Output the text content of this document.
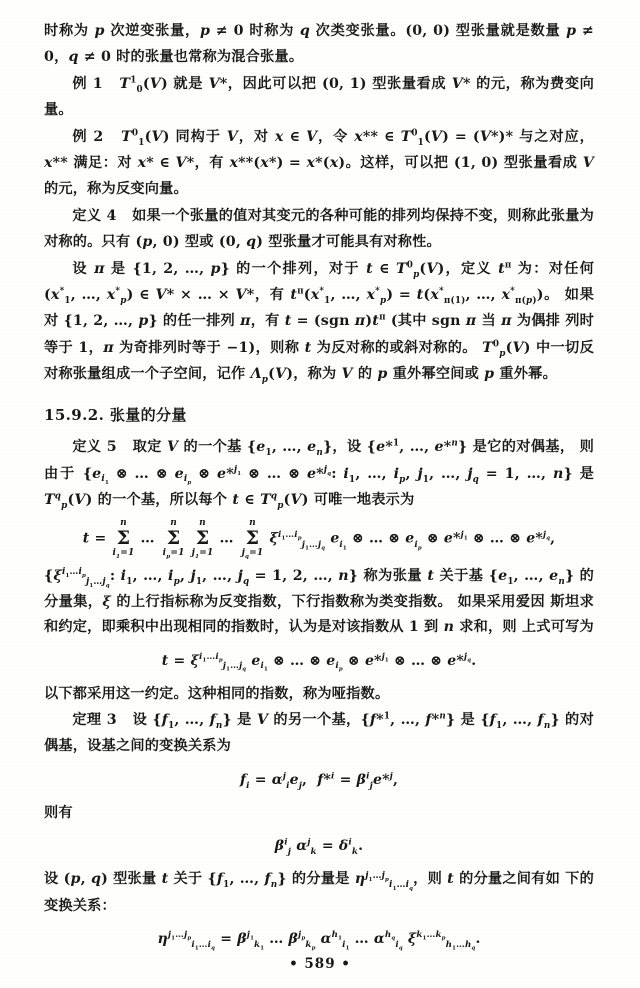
时称为 p 次逆变张量，p ≠ 0 时称为 q 次类变张量。(0, 0) 型张量就是数量 p ≠ 0，q ≠ 0 时的张量也常称为混合张量。

例 1 $T^1_0(V)$ 就是 V*，因此可以把 (0, 1) 型张量看成 V* 的元，称为费变向量。

例 2 $T^0_1(V)$ 同构于 V，对 x ∈ V，令 x** ∈ $T^0_1(V) = (V*)*$ 与之对应， x** 满足：对 x* ∈ V*，有 x**(x*) = x*(x)。这样，可以把 (1, 0) 型张量看成 V 的元，称为反变向量。

定义 4   如果一个张量的值对其变元的各种可能的排列均保持不变，则称此张量为对称的。只有 (p, 0) 型或 (0, q) 型张量才可能具有对称性。

设 π 是 {1, 2, …, p} 的一个排列，对于 t ∈ $T^0_p(V)$，定义 $t^\pi$ 为：对任何 ($x^*_1$, …, $x^*_p$) ∈ V* × … × V*，有 $t^\pi(x^*_1$, …, $x^*_p) = t(x^*_{\pi(1)}$, …, $x^*_{\pi(p)}$)。 如果对 {1, 2, …, p} 的任一排列 π，有 t = (sgn $\pi)t^\pi$ (其中 sgn π 当 π 为偶排 列时等于 1，π 为奇排列时等于 −1)，则称 t 为反对称的或斜对称的。 $T^0_p(V)$ 中一切反对称张量组成一个子空间，记作 $\Lambda_p(V)$，称为 V 的 p 重外幂空间或 p 重外幂。

15.9.2. 张量的分量

定义 5   取定 V 的一个基 {$e_1$, …, $e_n$}，设 {e*$^1$, …, e*$^n$} 是它的对偶基， 则由于 {$e_{i_1}$ ⊗ … ⊗ $e_{i_p}$ ⊗ e*$^{j_1}$ ⊗ … ⊗ e*$^{j_q}$: $i_1$, …, $i_p$, $j_1$, …, $j_q = 1$, …, n} 是 $T^q_p(V)$ 的一个基，所以每个 t ∈ $T^q_p(V)$ 可唯一地表示为

t =
n
Σ
$i_1=1$
…
n
Σ
$i_p=1$

n
Σ
$j_1=1$
…
n
Σ
$j_q=1$
$\xi^{i_1\dots i_p}_{j_1\dots j_q}$ $e_{i_1}$ ⊗ … ⊗ $e_{i_p}$ ⊗ e*$^{j_1}$ ⊗ … ⊗ e*$^{j_q}$,

{$\xi^{i_1\dots i_p}_{j_1\dots j_q}$: $i_1$, …, $i_p$, $j_1$, …, $j_q = 1$, 2, …, n} 称为张量 t 关于基 {$e_1$, …, $e_n$} 的分量集，ξ 的上行指标称为反变指数，下行指数称为类变指数。 如果采用爱因 斯坦求和约定，即乘积中出现相同的指数时，认为是对该指数从 1 到 n 求和，则 上式可写为

$t = \xi^{i_1\dots i_p}_{j_1\dots j_q}$ $e_{i_1}$ ⊗ … ⊗ $e_{i_p}$ ⊗ e*$^{j_1}$ ⊗ … ⊗ e*$^{j_q}$.

以下都采用这一约定。这种相同的指数，称为哑指数。

定理 3   设 {$f_1$, …, $f_n$} 是 V 的另一个基，{f*$^1$, …, f*$^n$} 是 {$f_1$, …, $f_n$} 的对偶基，设基之间的变换关系为

$f_i = \alpha^j_ie_j$,  $f*^i = \beta^i_je*^j$,

则有

$\beta^i_j$ $\alpha^j_k = \delta^i_k$.

设 (p, q) 型张量 t 关于 {$f_1$, …, $f_n$} 的分量是 $\eta^{j_1\dots j_p}_{i_1\dots i_q}$，则 t 的分量之间有如 下的变换关系：

$\eta^{j_1\dots j_p}_{i_1\dots i_q} = \beta^{j_1}_{k_1}$ … $\beta^{j_p}_{k_p}$ $\alpha^{h_1}_{i_1}$ … $\alpha^{h_q}_{i_q}$ $\xi^{k_1\dots k_p}_{h_1\dots h_q}$.
• 589 •
